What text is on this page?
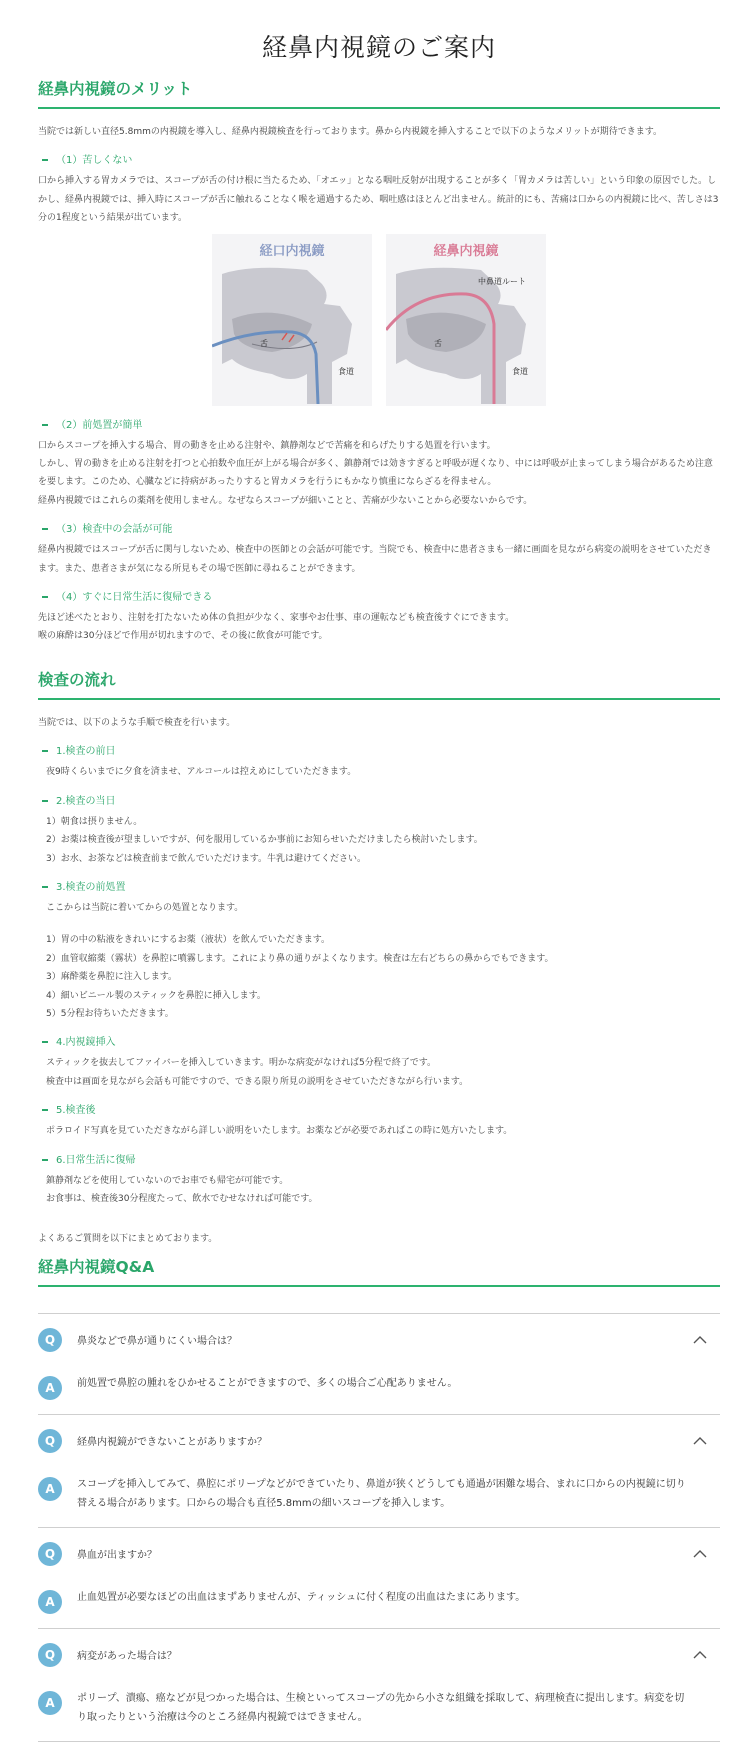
経鼻内視鏡のご案内
経鼻内視鏡のメリット

当院では新しい直径5.8mmの内視鏡を導入し、経鼻内視鏡検査を行っております。鼻から内視鏡を挿入することで以下のようなメリットが期待できます。

（1）苦しくない

口から挿入する胃カメラでは、スコープが舌の付け根に当たるため、「オエッ」となる咽吐反射が出現することが多く「胃カメラは苦しい」という印象の原因でした。しかし、経鼻内視鏡では、挿入時にスコープが舌に触れることなく喉を通過するため、咽吐感はほとんど出ません。統計的にも、苦痛は口からの内視鏡に比べ、苦しさは3分の1程度という結果が出ています。

経口内視鏡
舌
食道
経鼻内視鏡
中鼻道ルート
舌
食道
（2）前処置が簡単

口からスコープを挿入する場合、胃の動きを止める注射や、鎮静剤などで苦痛を和らげたりする処置を行います。

しかし、胃の動きを止める注射を打つと心拍数や血圧が上がる場合が多く、鎮静剤では効きすぎると呼吸が遅くなり、中には呼吸が止まってしまう場合があるため注意を要します。このため、心臓などに持病があったりすると胃カメラを行うにもかなり慎重にならざるを得ません。

経鼻内視鏡ではこれらの薬剤を使用しません。なぜならスコープが細いことと、苦痛が少ないことから必要ないからです。

（3）検査中の会話が可能

経鼻内視鏡ではスコープが舌に関与しないため、検査中の医師との会話が可能です。当院でも、検査中に患者さまも一緒に画面を見ながら病変の説明をさせていただきます。また、患者さまが気になる所見もその場で医師に尋ねることができます。

（4）すぐに日常生活に復帰できる

先ほど述べたとおり、注射を打たないため体の負担が少なく、家事やお仕事、車の運転なども検査後すぐにできます。

喉の麻酔は30分ほどで作用が切れますので、その後に飲食が可能です。

検査の流れ

当院では、以下のような手順で検査を行います。

1.検査の前日

夜9時くらいまでに夕食を済ませ、アルコールは控えめにしていただきます。

2.検査の当日

1）朝食は摂りません。

2）お薬は検査後が望ましいですが、何を服用しているか事前にお知らせいただけましたら検討いたします。

3）お水、お茶などは検査前まで飲んでいただけます。牛乳は避けてください。

3.検査の前処置

ここからは当院に着いてからの処置となります。

1）胃の中の粘液をきれいにするお薬（液状）を飲んでいただきます。

2）血管収縮薬（霧状）を鼻腔に噴霧します。これにより鼻の通りがよくなります。検査は左右どちらの鼻からでもできます。

3）麻酔薬を鼻腔に注入します。

4）細いビニール製のスティックを鼻腔に挿入します。

5）5分程お待ちいただきます。

4.内視鏡挿入

スティックを抜去してファイバーを挿入していきます。明かな病変がなければ5分程で終了です。

検査中は画面を見ながら会話も可能ですので、できる限り所見の説明をさせていただきながら行います。

5.検査後

ポラロイド写真を見ていただきながら詳しい説明をいたします。お薬などが必要であればこの時に処方いたします。

6.日常生活に復帰

鎮静剤などを使用していないのでお車でも帰宅が可能です。

お食事は、検査後30分程度たって、飲水でむせなければ可能です。

よくあるご質問を以下にまとめております。

経鼻内視鏡Q&A
Q	鼻炎などで鼻が通りにくい場合は？
A	前処置で鼻腔の腫れをひかせることができますので、多くの場合ご心配ありません。
Q	経鼻内視鏡ができないことがありますか？
A	スコープを挿入してみて、鼻腔にポリープなどができていたり、鼻道が狭くどうしても通過が困難な場合、まれに口からの内視鏡に切り替える場合があります。口からの場合も直径5.8mmの細いスコープを挿入します。
Q	鼻血が出ますか？
A	止血処置が必要なほどの出血はまずありませんが、ティッシュに付く程度の出血はたまにあります。
Q	病変があった場合は？
A	ポリープ、潰瘍、癌などが見つかった場合は、生検といってスコープの先から小さな組織を採取して、病理検査に提出します。病変を切り取ったりという治療は今のところ経鼻内視鏡ではできません。
